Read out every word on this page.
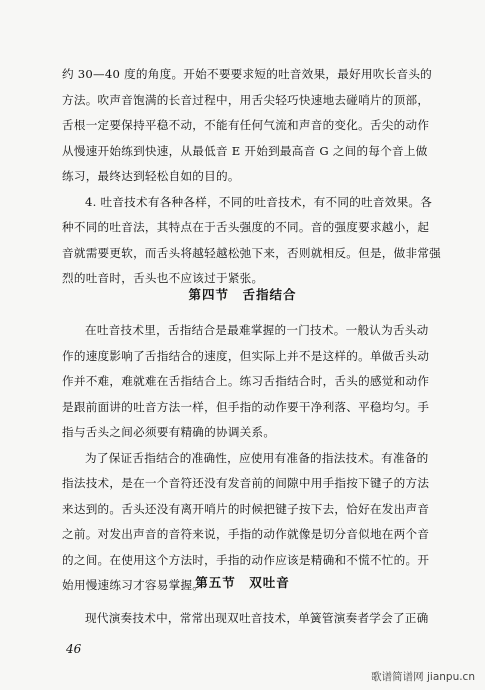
约 30—40 度的角度。开始不要要求短的吐音效果，最好用吹长音头的
方法。吹声音饱满的长音过程中，用舌尖轻巧快速地去碰哨片的顶部，
舌根一定要保持平稳不动，不能有任何气流和声音的变化。舌尖的动作
从慢速开始练到快速，从最低音 E 开始到最高音 G 之间的每个音上做
练习，最终达到轻松自如的目的。
4. 吐音技术有各种各样，不同的吐音技术，有不同的吐音效果。各
种不同的吐音法，其特点在于舌头强度的不同。音的强度要求越小，起
音就需要更软，而舌头将越轻越松弛下来，否则就相反。但是，做非常强
烈的吐音时，舌头也不应该过于紧张。
第四节　舌指结合
在吐音技术里，舌指结合是最难掌握的一门技术。一般认为舌头动
作的速度影响了舌指结合的速度，但实际上并不是这样的。单做舌头动
作并不难，难就难在舌指结合上。练习舌指结合时，舌头的感觉和动作
是跟前面讲的吐音方法一样，但手指的动作要干净利落、平稳均匀。手
指与舌头之间必须要有精确的协调关系。
为了保证舌指结合的准确性，应使用有准备的指法技术。有准备的
指法技术，是在一个音符还没有发音前的间隙中用手指按下键子的方法
来达到的。舌头还没有离开哨片的时候把键子按下去，恰好在发出声音
之前。对发出声音的音符来说，手指的动作就像是切分音似地在两个音
的之间。在使用这个方法时，手指的动作应该是精确和不慌不忙的。开
始用慢速练习才容易掌握。
第五节　双吐音
现代演奏技术中，常常出现双吐音技术，单簧管演奏者学会了正确
46
歌谱简谱网 jianpu.cn
